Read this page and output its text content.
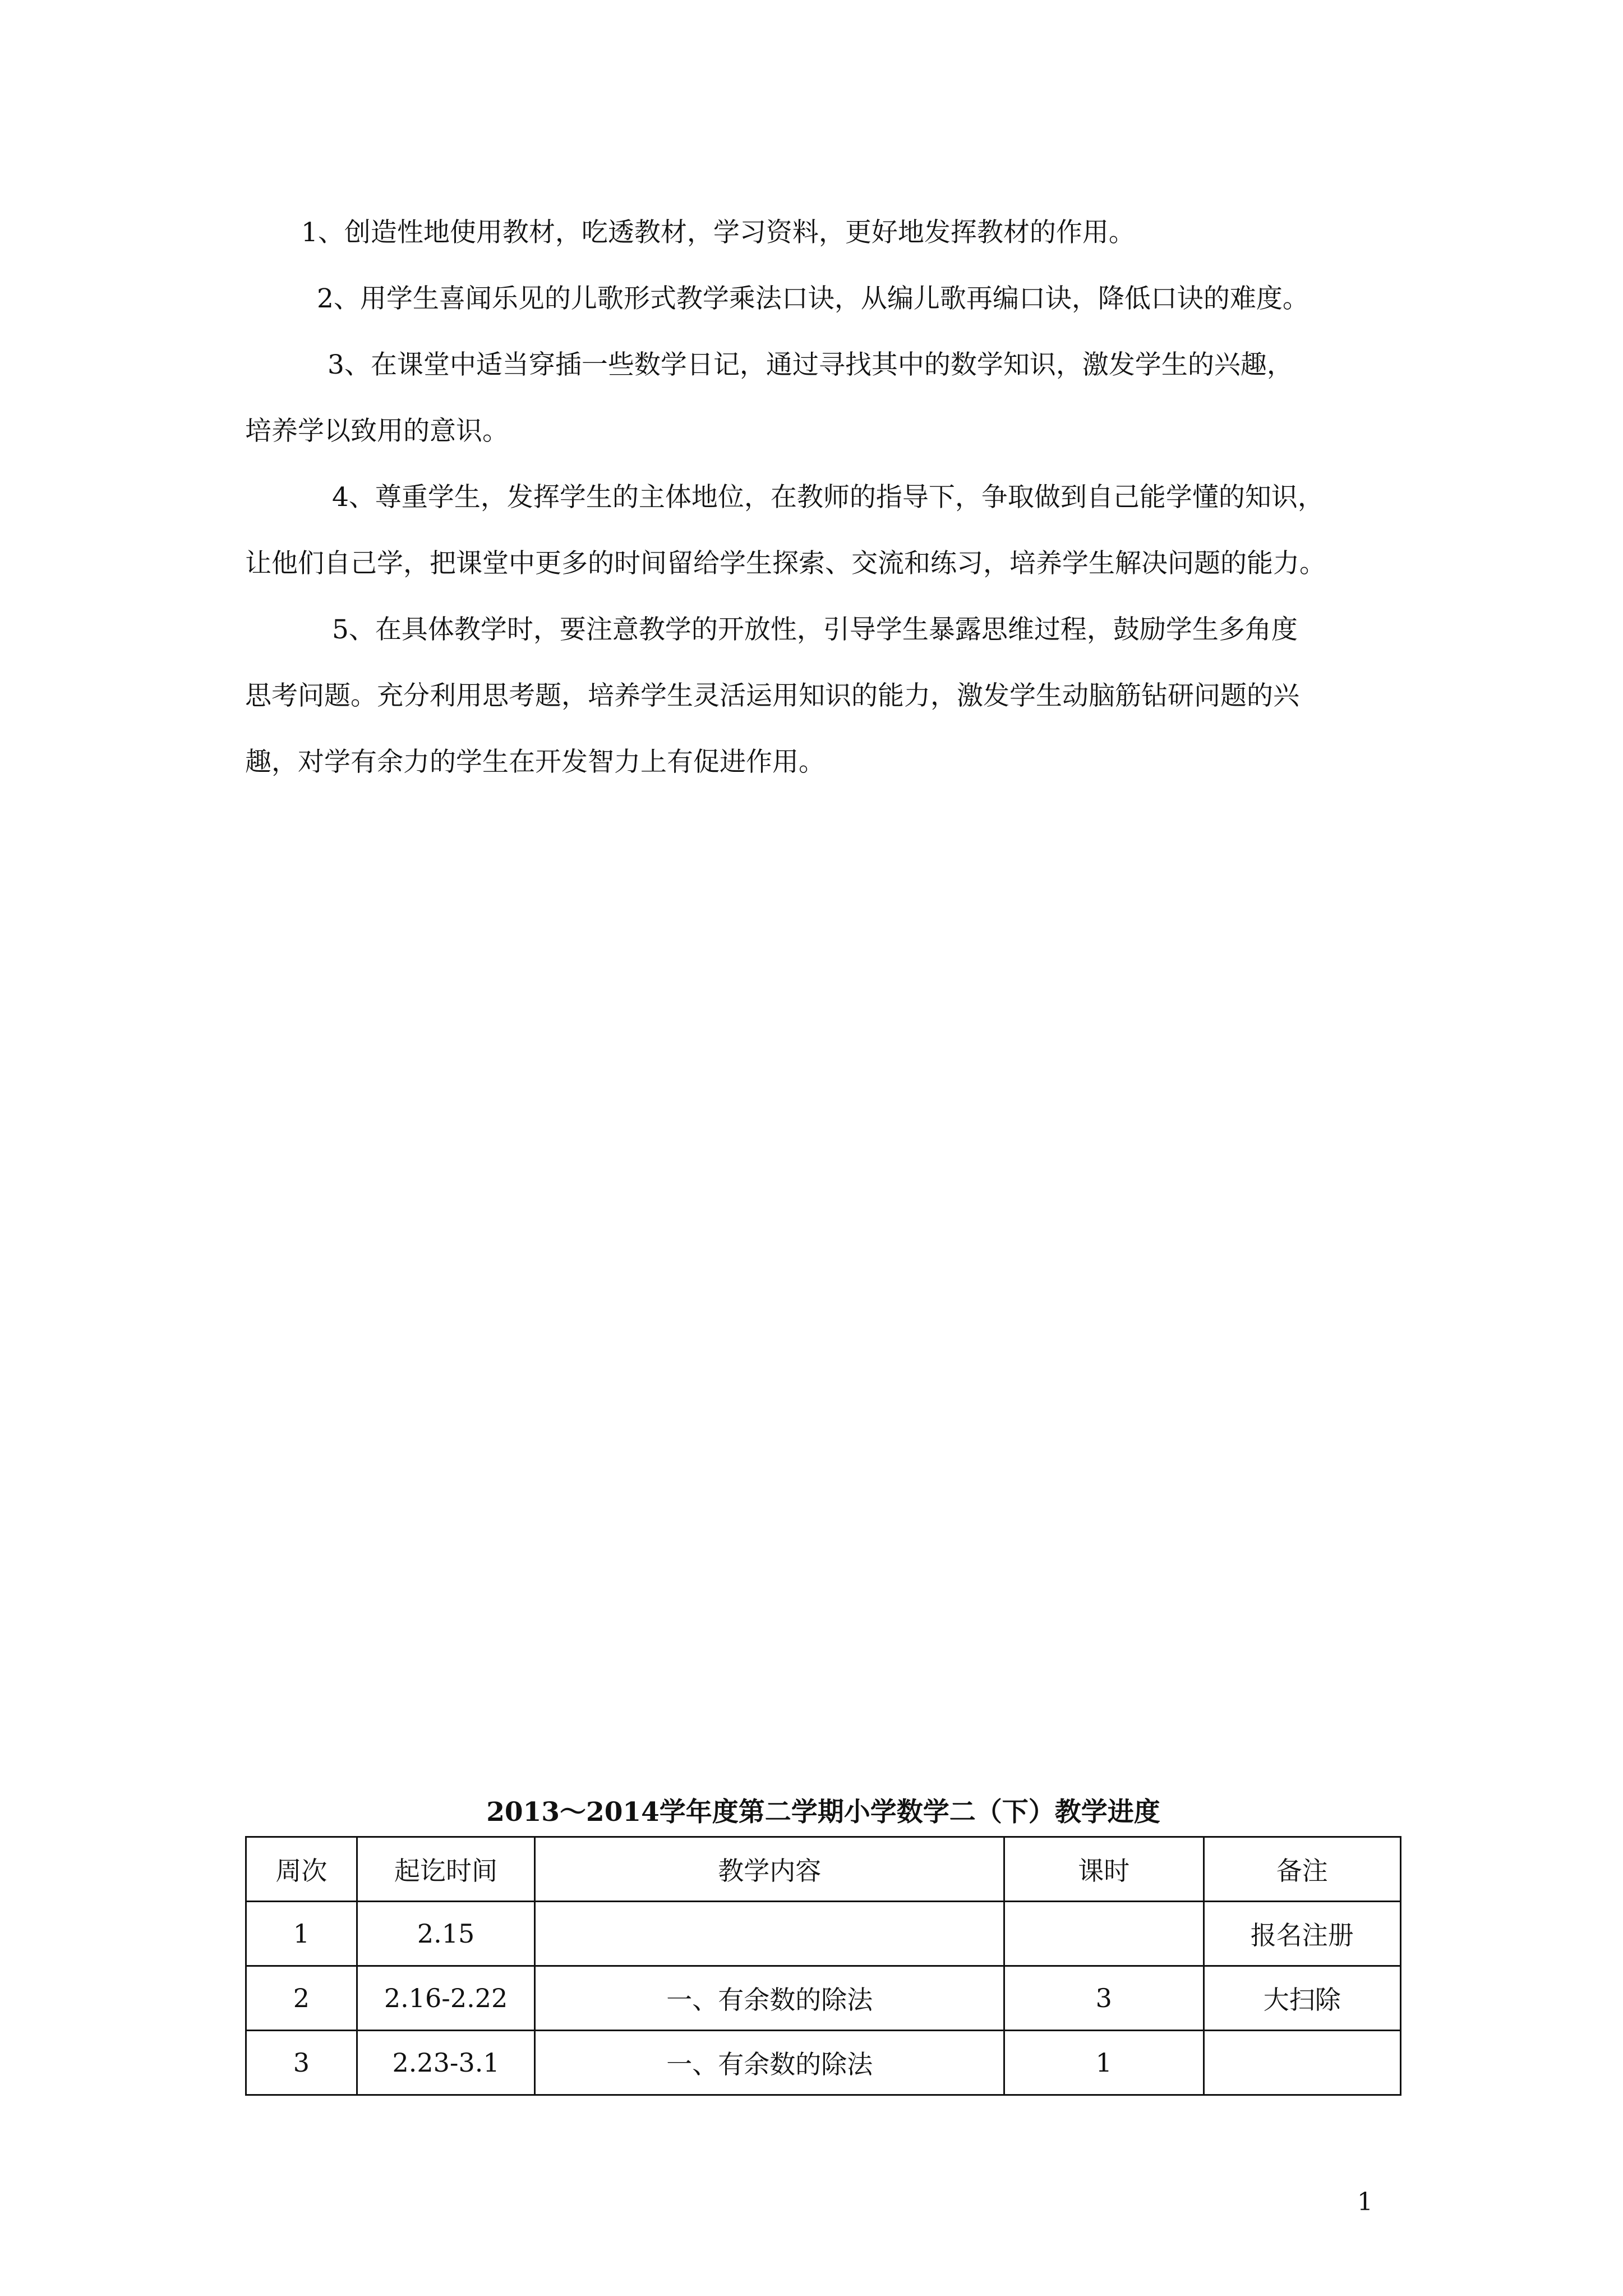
1、创造性地使用教材，吃透教材，学习资料，更好地发挥教材的作用。

2、用学生喜闻乐见的儿歌形式教学乘法口诀，从编儿歌再编口诀，降低口诀的难度。

3、在课堂中适当穿插一些数学日记，通过寻找其中的数学知识，激发学生的兴趣，
培养学以致用的意识。

4、尊重学生，发挥学生的主体地位，在教师的指导下，争取做到自己能学懂的知识，
让他们自己学，把课堂中更多的时间留给学生探索、交流和练习，培养学生解决问题的能力。

5、在具体教学时，要注意教学的开放性，引导学生暴露思维过程，鼓励学生多角度
思考问题。充分利用思考题，培养学生灵活运用知识的能力，激发学生动脑筋钻研问题的兴
趣，对学有余力的学生在开发智力上有促进作用。

2013～2014学年度第二学期小学数学二（下）教学进度

周次	起讫时间	教学内容	课时	备注
1	2.15			报名注册
2	2.16-2.22	一、有余数的除法	3	大扫除
3	2.23-3.1	一、有余数的除法	1	

1
